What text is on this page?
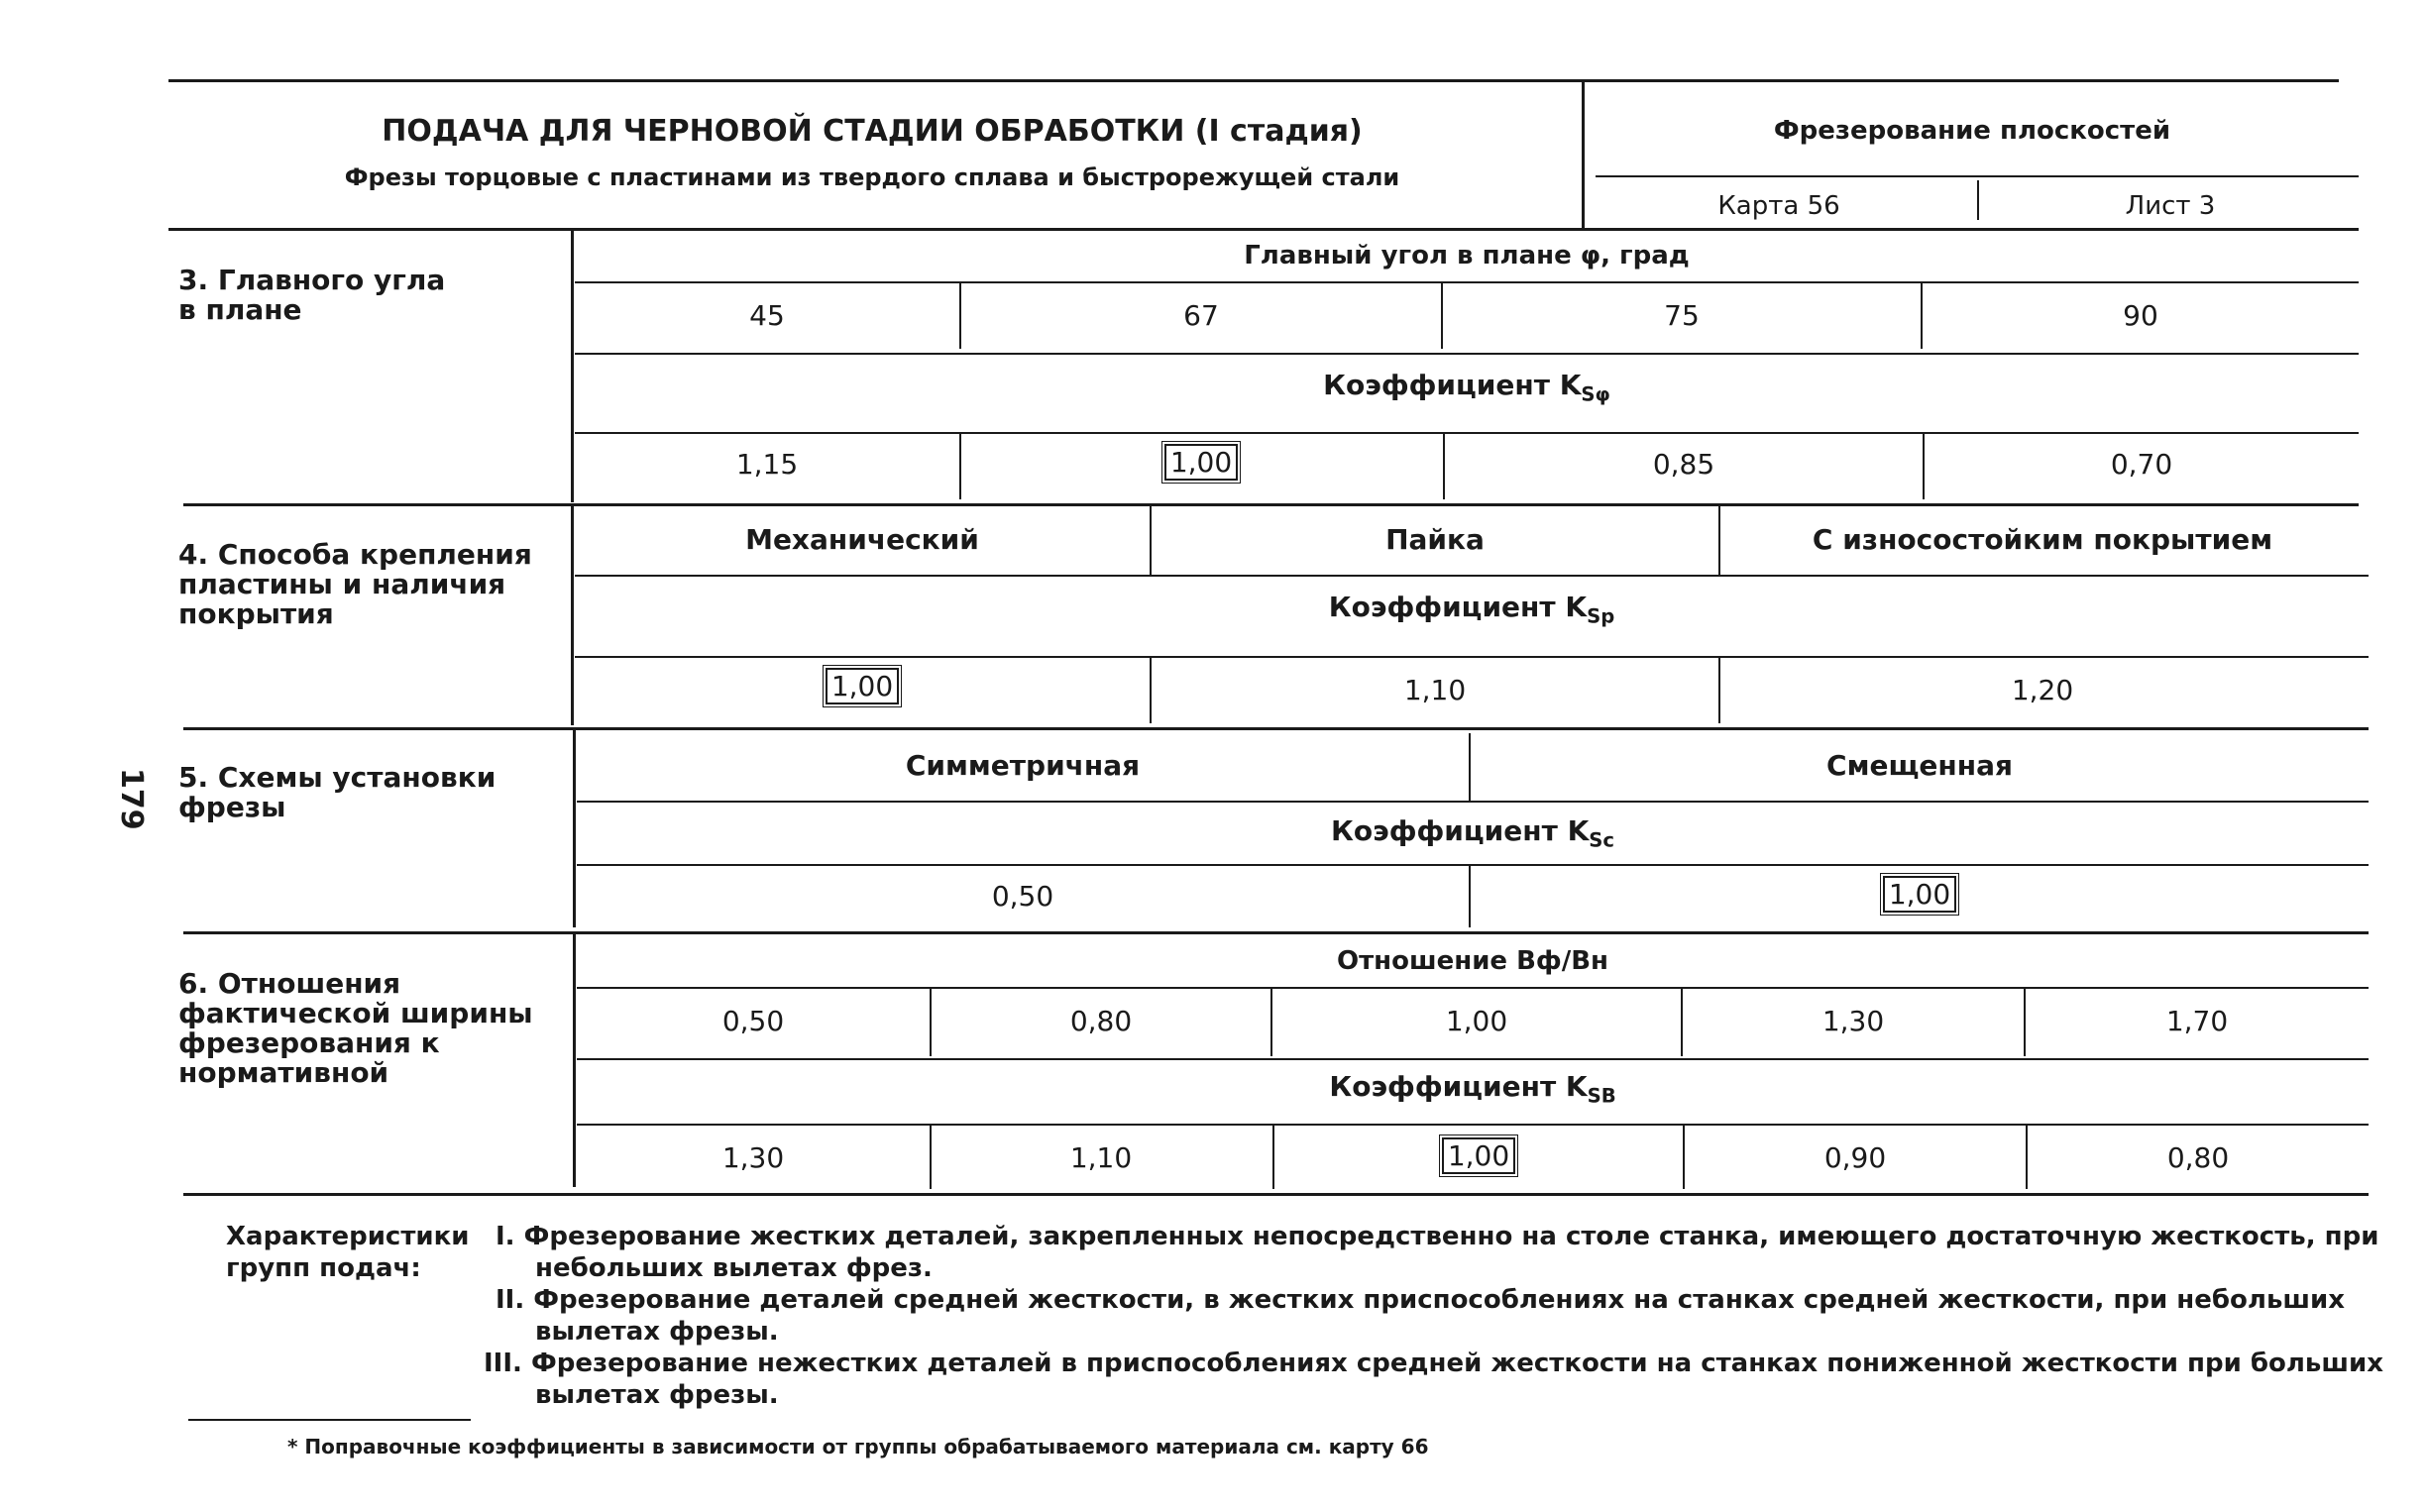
ПОДАЧА ДЛЯ ЧЕРНОВОЙ СТАДИИ ОБРАБОТКИ (I стадия)
Фрезы торцовые с пластинами из твердого сплава и быстрорежущей стали
Фрезерование плоскостей
Карта 56	Лист 3
179
3. Главного угла в плане
Главный угол в плане φ, град
45	67	75	90
Коэффициент $K_{S\varphi}$
1,15	1,00	0,85	0,70
4. Способа крепления пластины и наличия покрытия
Механический	Пайка	С износостойким покрытием
Коэффициент $K_{Sp}$
1,00	1,10	1,20
5. Схемы установки фрезы
Симметричная	Смещенная
Коэффициент $K_{Sc}$
0,50	1,00
6. Отношения фактической ширины фрезерования к нормативной
Отношение Bф/Bн
0,50	0,80	1,00	1,30	1,70
Коэффициент $K_{SB}$
1,30	1,10	1,00	0,90	0,80
Характеристики групп подач:
I. Фрезерование жестких деталей, закрепленных непосредственно на столе станка, имеющего достаточную жесткость, при небольших вылетах фрез.
II. Фрезерование деталей средней жесткости, в жестких приспособлениях на станках средней жесткости, при небольших вылетах фрезы.
III. Фрезерование нежестких деталей в приспособлениях средней жесткости на станках пониженной жесткости при больших вылетах фрезы.
* Поправочные коэффициенты в зависимости от группы обрабатываемого материала см. карту 66
